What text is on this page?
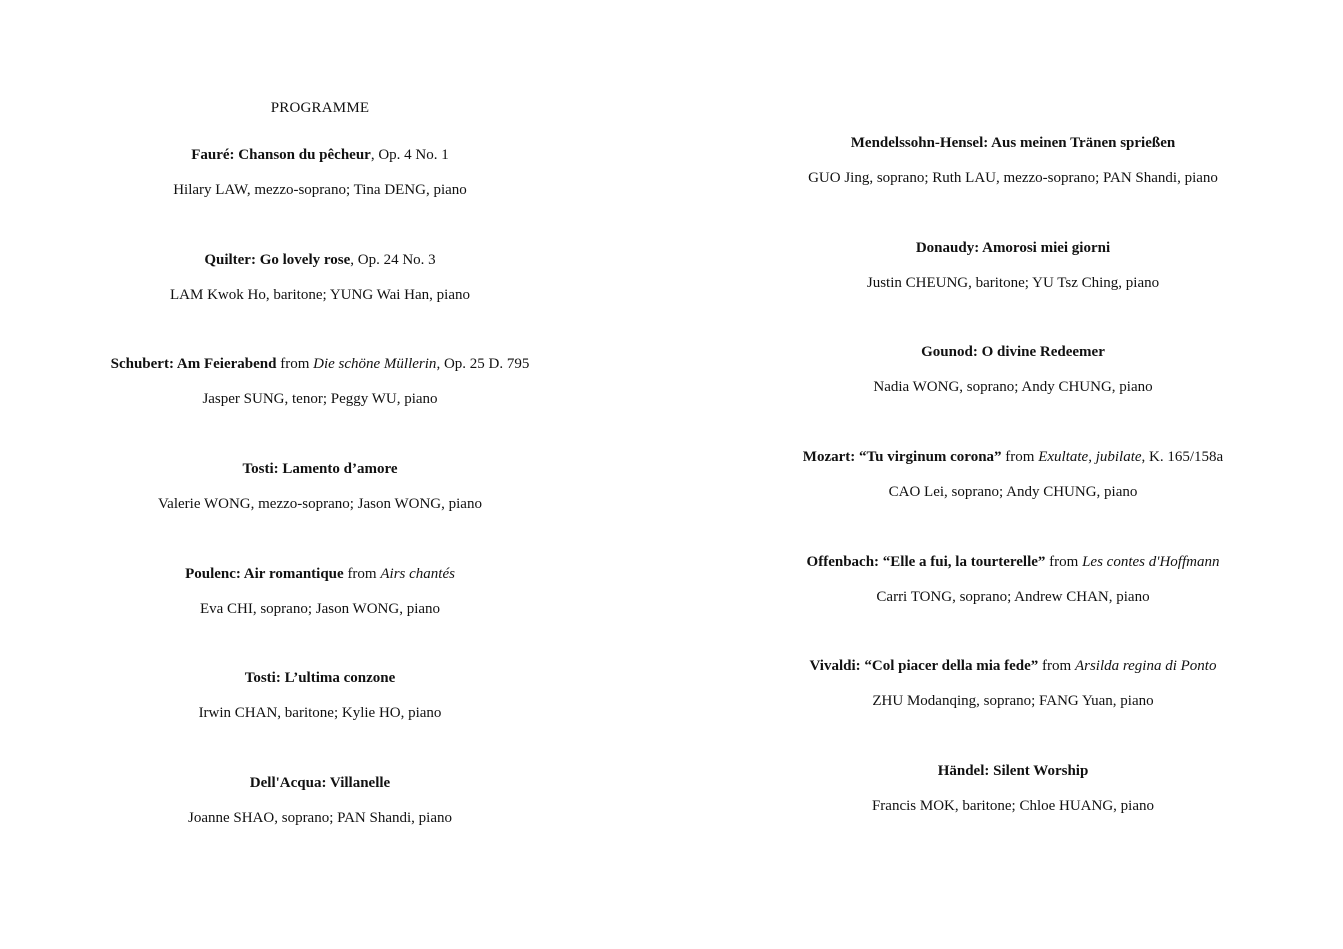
PROGRAMME
Fauré: Chanson du pêcheur, Op. 4 No. 1
Hilary LAW, mezzo-soprano; Tina DENG, piano
Quilter: Go lovely rose, Op. 24 No. 3
LAM Kwok Ho, baritone; YUNG Wai Han, piano
Schubert: Am Feierabend from Die schöne Müllerin, Op. 25 D. 795
Jasper SUNG, tenor; Peggy WU, piano
Tosti: Lamento d’amore
Valerie WONG, mezzo-soprano; Jason WONG, piano
Poulenc: Air romantique from Airs chantés
Eva CHI, soprano; Jason WONG, piano
Tosti: L’ultima conzone
Irwin CHAN, baritone; Kylie HO, piano
Dell'Acqua: Villanelle
Joanne SHAO, soprano; PAN Shandi, piano
Mendelssohn-Hensel: Aus meinen Tränen sprießen
GUO Jing, soprano; Ruth LAU, mezzo-soprano; PAN Shandi, piano
Donaudy: Amorosi miei giorni
Justin CHEUNG, baritone; YU Tsz Ching, piano
Gounod: O divine Redeemer
Nadia WONG, soprano; Andy CHUNG, piano
Mozart: “Tu virginum corona” from Exultate, jubilate, K. 165/158a
CAO Lei, soprano; Andy CHUNG, piano
Offenbach: “Elle a fui, la tourterelle” from Les contes d'Hoffmann
Carri TONG, soprano; Andrew CHAN, piano
Vivaldi: “Col piacer della mia fede” from Arsilda regina di Ponto
ZHU Modanqing, soprano; FANG Yuan, piano
Händel: Silent Worship
Francis MOK, baritone; Chloe HUANG, piano
